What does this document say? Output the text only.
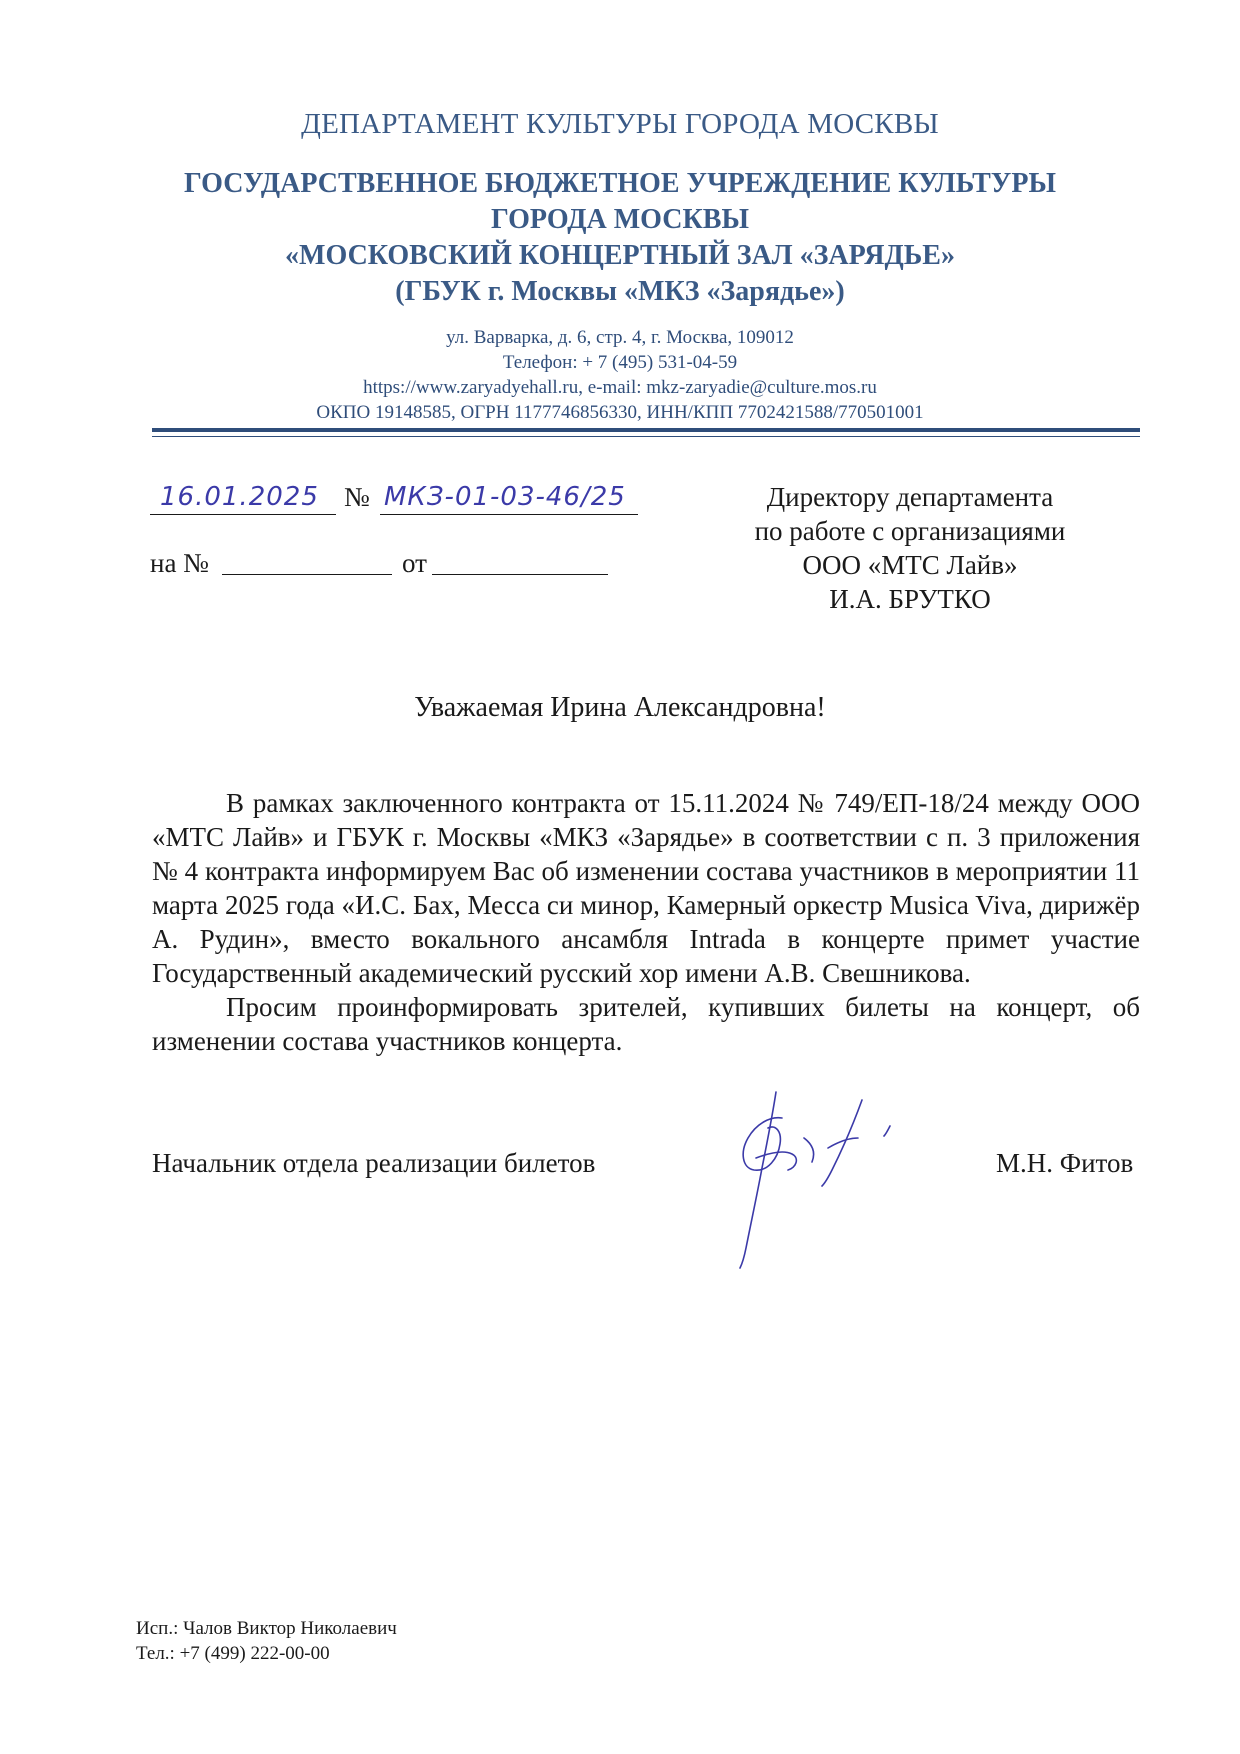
ДЕПАРТАМЕНТ КУЛЬТУРЫ ГОРОДА МОСКВЫ
ГОСУДАРСТВЕННОЕ БЮДЖЕТНОЕ УЧРЕЖДЕНИЕ КУЛЬТУРЫ
ГОРОДА МОСКВЫ
«МОСКОВСКИЙ КОНЦЕРТНЫЙ ЗАЛ «ЗАРЯДЬЕ»
(ГБУК г. Москвы «МКЗ «Зарядье»)
ул. Варварка, д. 6, стр. 4, г. Москва, 109012
Телефон: + 7 (495) 531-04-59
https://www.zaryadyehall.ru, e-mail: mkz-zaryadie@culture.mos.ru
ОКПО 19148585, ОГРН 1177746856330, ИНН/КПП 7702421588/770501001
16.01.2025 № МКЗ-01-03-46/25
на №	от
Директору департамента
по работе с организациями
ООО «МТС Лайв»
И.А. БРУТКО
Уважаемая Ирина Александровна!

В рамках заключенного контракта от 15.11.2024 № 749/ЕП-18/24 между ООО «МТС Лайв» и ГБУК г. Москвы «МКЗ «Зарядье» в соответствии с п. 3 приложения № 4 контракта информируем Вас об изменении состава участников в мероприятии 11 марта 2025 года «И.С. Бах, Месса си минор, Камерный оркестр Musica Viva, дирижёр А. Рудин», вместо вокального ансамбля Intrada в концерте примет участие Государственный академический русский хор имени А.В. Свешникова.

Просим проинформировать зрителей, купивших билеты на концерт, об изменении состава участников концерта.

Начальник отдела реализации билетов	М.Н. Фитов
Исп.: Чалов Виктор Николаевич
Тел.: +7 (499) 222-00-00
